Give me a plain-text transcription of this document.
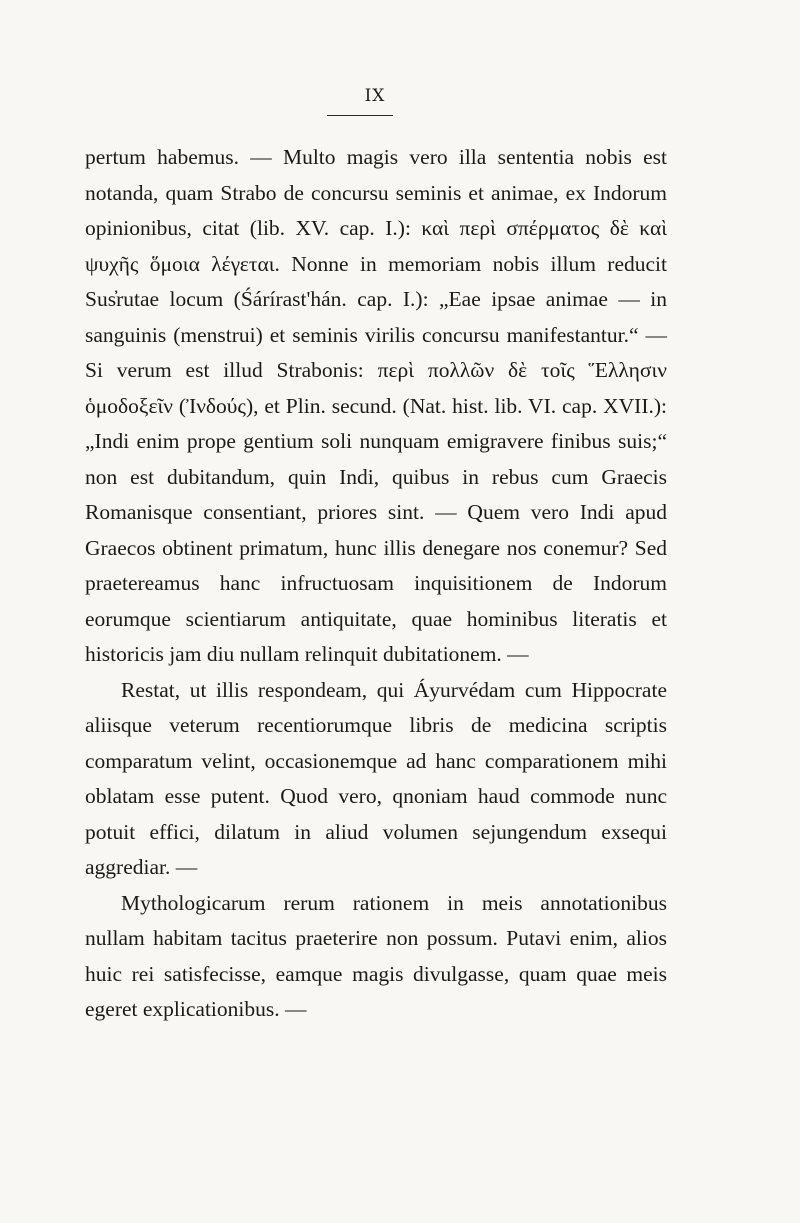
IX

pertum habemus. — Multo magis vero illa sententia nobis est notanda, quam Strabo de concursu seminis et animae, ex Indorum opinionibus, citat (lib. XV. cap. I.): καὶ περὶ σπέρματος δὲ καὶ ψυχῆς ὅμοια λέγεται. Nonne in memoriam nobis illum reducit Sus̓rutae locum (Śárírast'hán. cap. I.): „Eae ipsae animae — in sanguinis (menstrui) et seminis virilis concursu manifestantur.“ — Si verum est illud Strabonis: περὶ πολλῶν δὲ τοῖς Ἕλλησιν ὁμοδοξεῖν (Ἰνδούς), et Plin. secund. (Nat. hist. lib. VI. cap. XVII.): „Indi enim prope gentium soli nunquam emigravere finibus suis;“ non est dubitandum, quin Indi, quibus in rebus cum Graecis Romanisque consentiant, priores sint. — Quem vero Indi apud Graecos obtinent primatum, hunc illis denegare nos conemur? Sed praetereamus hanc infructuosam inquisitionem de Indorum eorumque scientiarum antiquitate, quae hominibus literatis et historicis jam diu nullam relinquit dubitationem. —

Restat, ut illis respondeam, qui Áyurvédam cum Hippocrate aliisque veterum recentiorumque libris de medicina scriptis comparatum velint, occasionemque ad hanc comparationem mihi oblatam esse putent. Quod vero, qnoniam haud commode nunc potuit effici, dilatum in aliud volumen sejungendum exsequi aggrediar. —

Mythologicarum rerum rationem in meis annotationibus nullam habitam tacitus praeterire non possum. Putavi enim, alios huic rei satisfecisse, eamque magis divulgasse, quam quae meis egeret explicationibus. —
